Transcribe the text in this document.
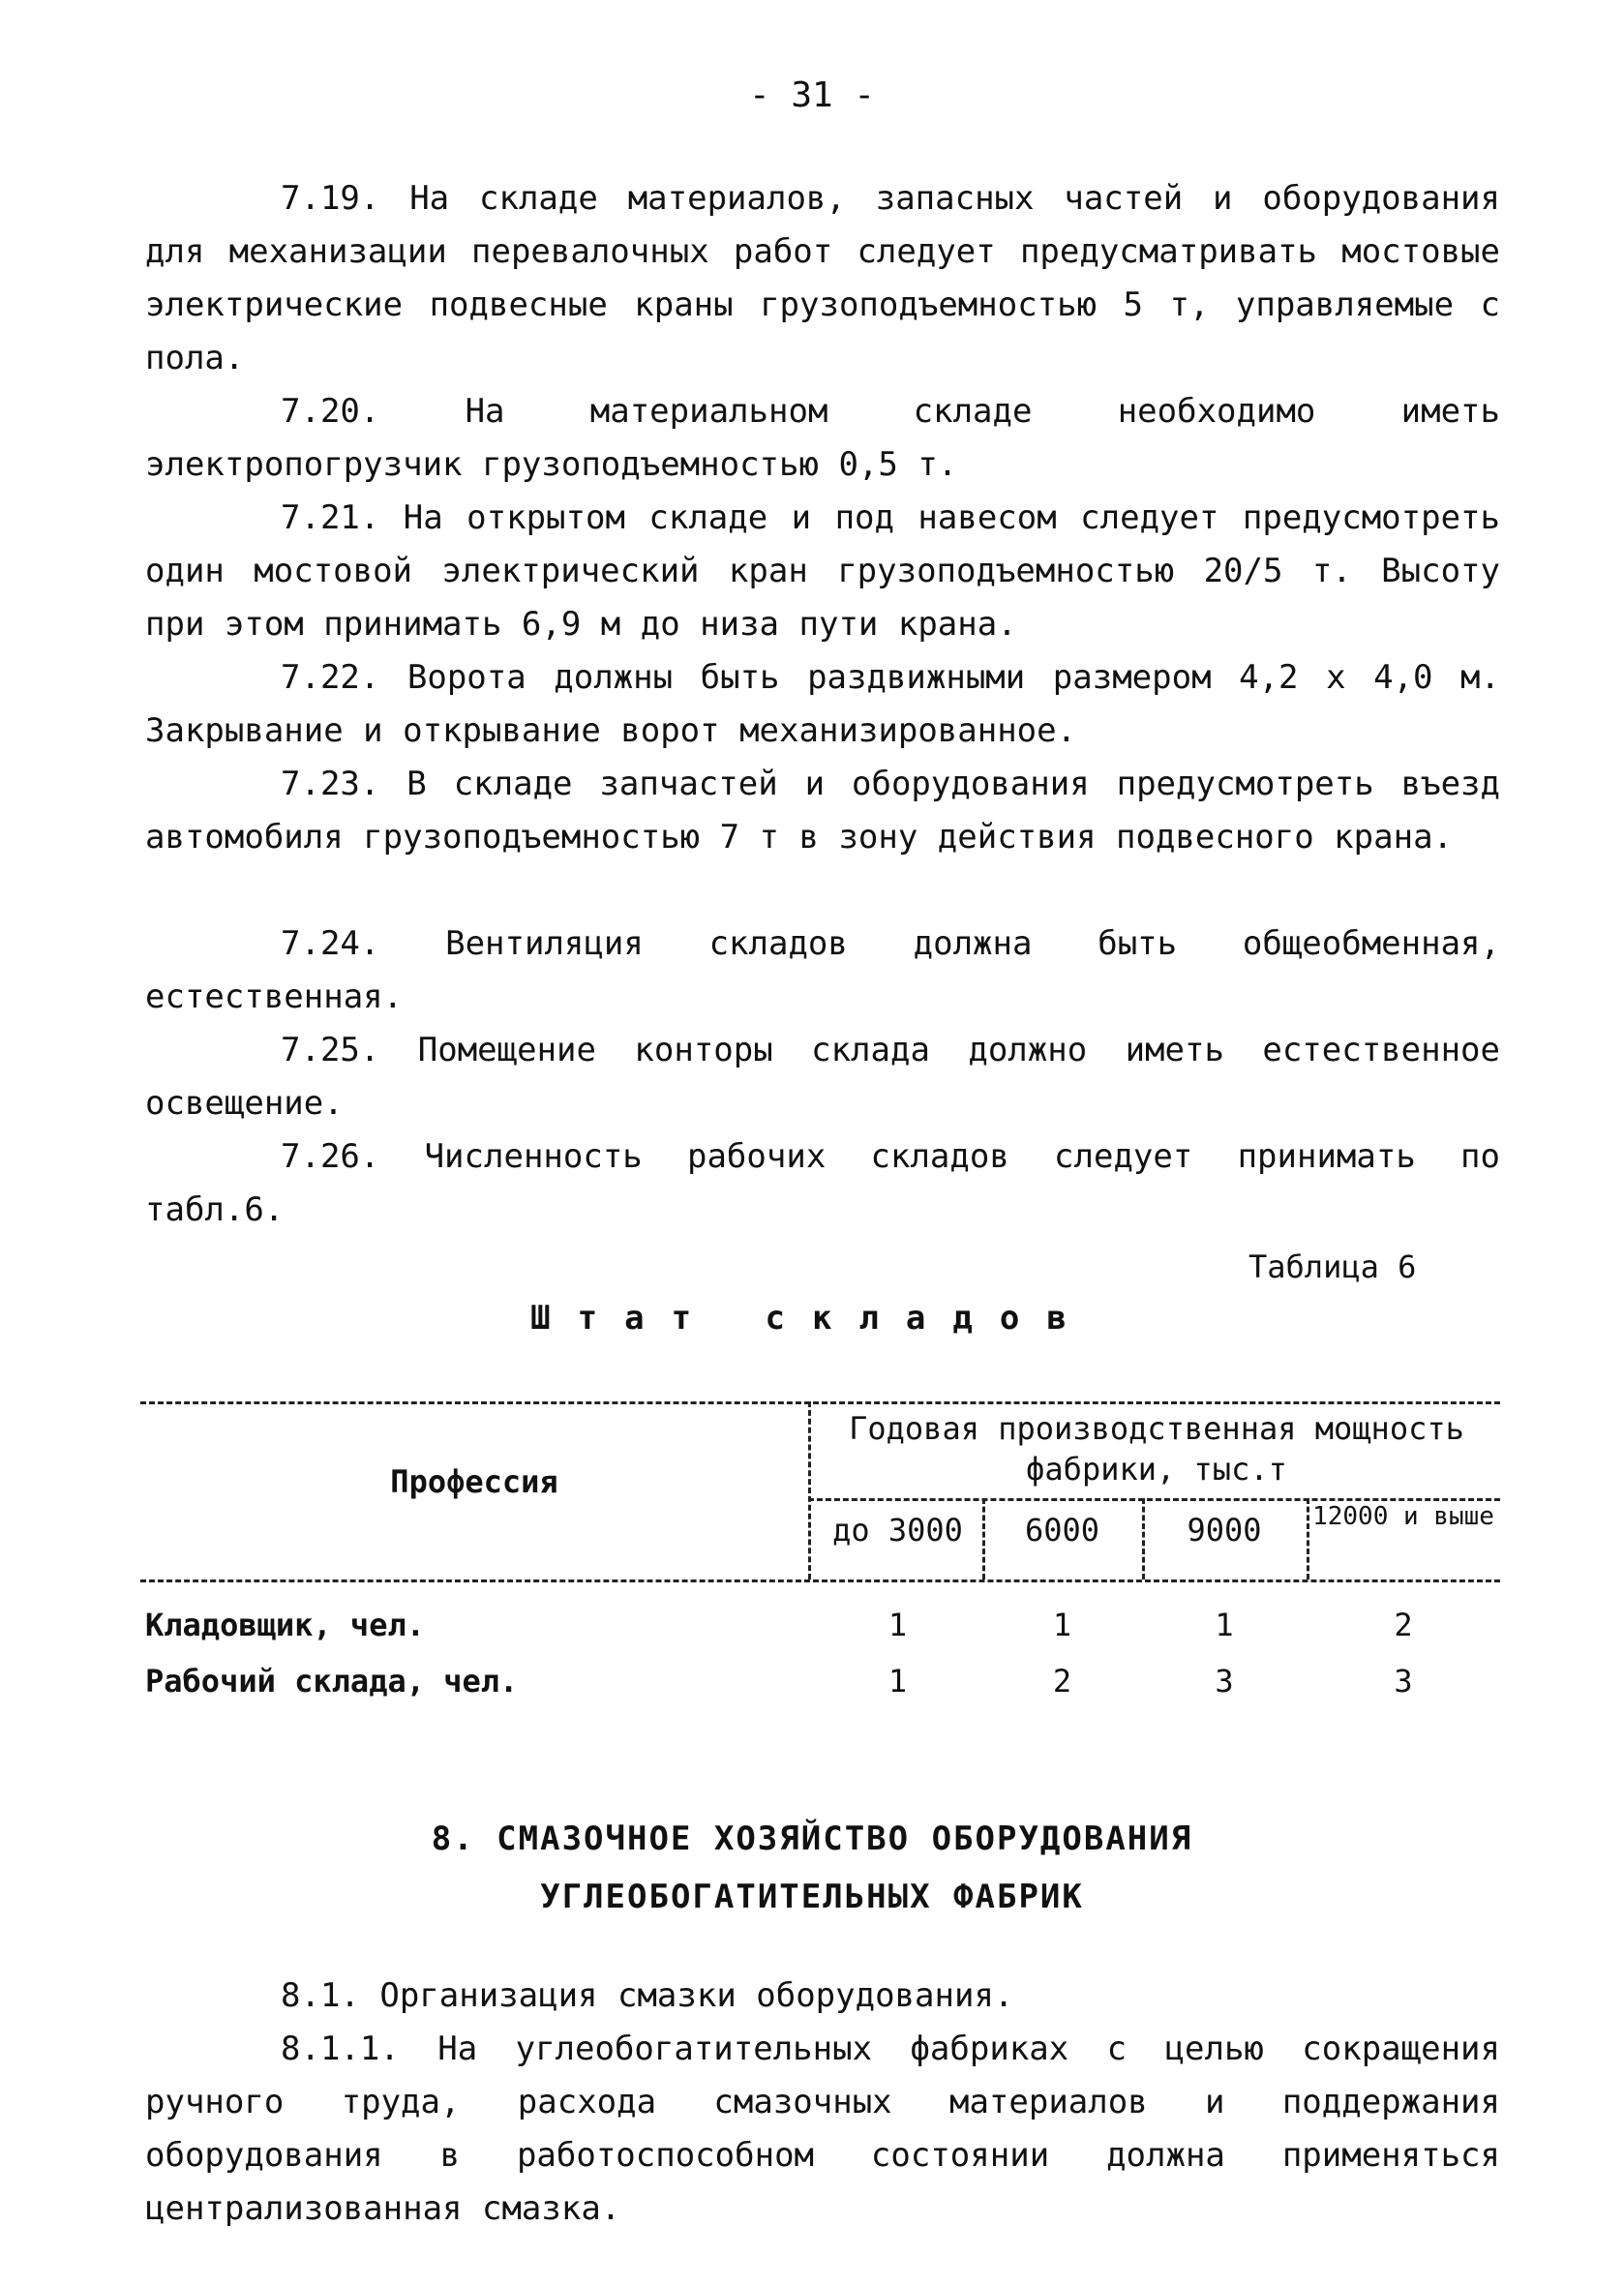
- 31 -

7.19. На складе материалов, запасных частей и оборудования для механизации перевалочных работ следует предусматривать мостовые электрические подвесные краны грузоподъемностью 5 т, управляемые с пола.

7.20. На материальном складе необходимо иметь электропогрузчик грузоподъемностью 0,5 т.

7.21. На открытом складе и под навесом следует предусмотреть один мостовой электрический кран грузоподъемностью 20/5 т. Высоту при этом принимать 6,9 м до низа пути крана.

7.22. Ворота должны быть раздвижными размером 4,2 х 4,0 м. Закрывание и открывание ворот механизированное.

7.23. В складе запчастей и оборудования предусмотреть въезд автомобиля грузоподъемностью 7 т в зону действия подвесного крана.

7.24. Вентиляция складов должна быть общеобменная, естественная.

7.25. Помещение конторы склада должно иметь естественное освещение.

7.26. Численность рабочих складов следует принимать по табл.6.

Таблица 6
Штат складов
Профессия
Годовая производственная мощность фабрики, тыс.т
до 3000	6000	9000	12000 и выше
Кладовщик, чел.	1	1	1	2
Рабочий склада, чел.	1	2	3	3
8. СМАЗОЧНОЕ ХОЗЯЙСТВО ОБОРУДОВАНИЯ
УГЛЕОБОГАТИТЕЛЬНЫХ ФАБРИК

8.1. Организация смазки оборудования.

8.1.1. На углеобогатительных фабриках с целью сокращения ручного труда, расхода смазочных материалов и поддержания оборудования в работоспособном состоянии должна применяться централизованная смазка.
